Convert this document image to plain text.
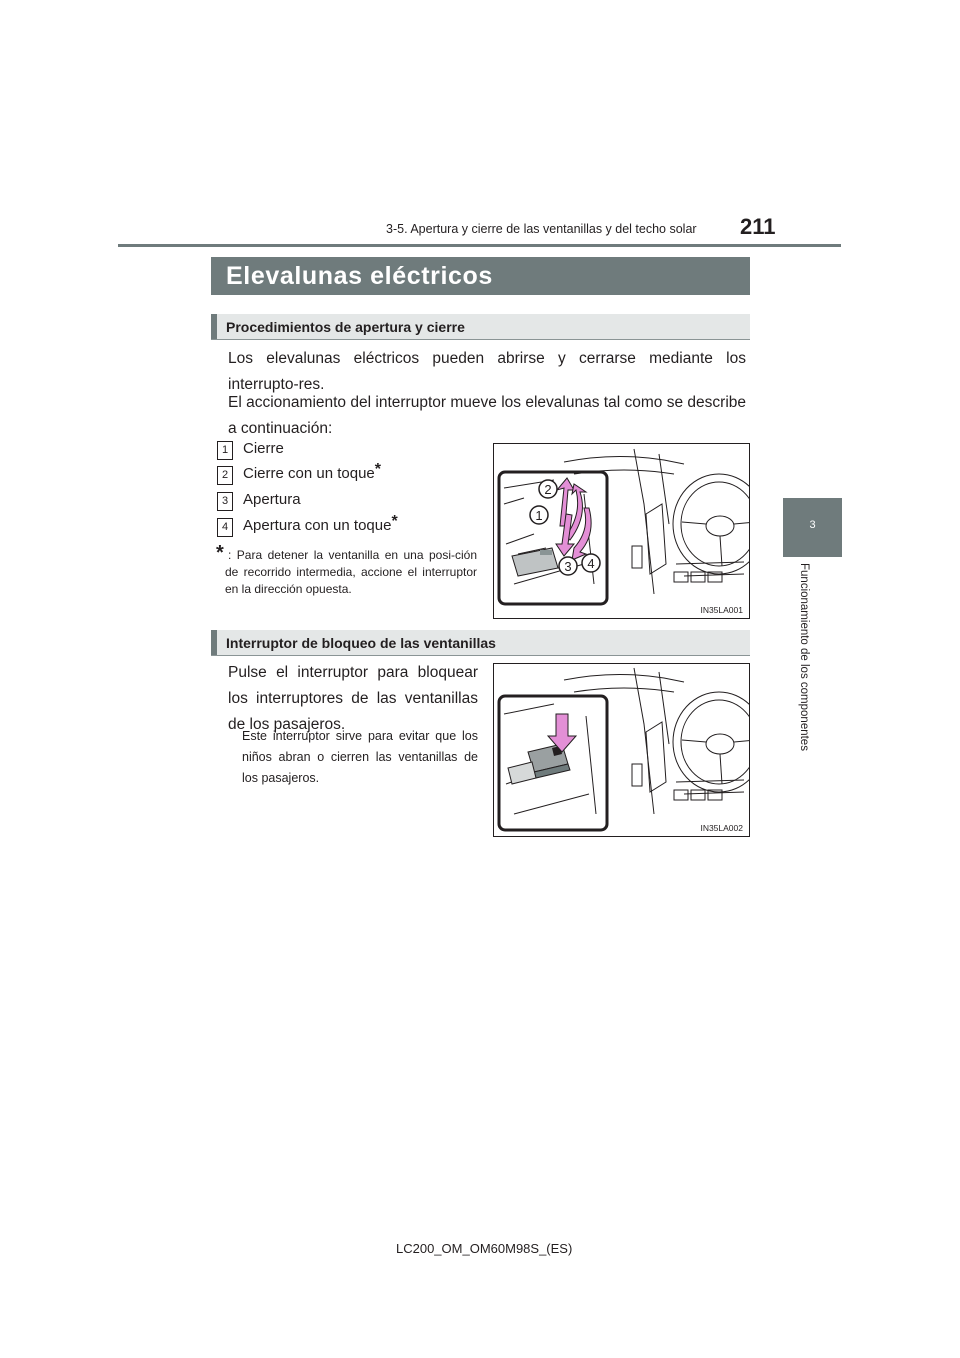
3-5. Apertura y cierre de las ventanillas y del techo solar 211
3
Funcionamiento de los componentes
Elevalunas eléctricos
Procedimientos de apertura y cierre
Los elevalunas eléctricos pueden abrirse y cerrarse mediante los interrupto-res.
El accionamiento del interruptor mueve los elevalunas tal como se describe a continuación:
1 Cierre
2 Cierre con un toque*
3 Apertura
4 Apertura con un toque*
* : Para detener la ventanilla en una posi-ción de recorrido intermedia, accione el interruptor en la dirección opuesta.
2
1
3 4
IN35LA001
Interruptor de bloqueo de las ventanillas
Pulse el interruptor para bloquear los interruptores de las ventanillas de los pasajeros.
Este interruptor sirve para evitar que los niños abran o cierren las ventanillas de los pasajeros.
IN35LA002
LC200_OM_OM60M98S_(ES)
